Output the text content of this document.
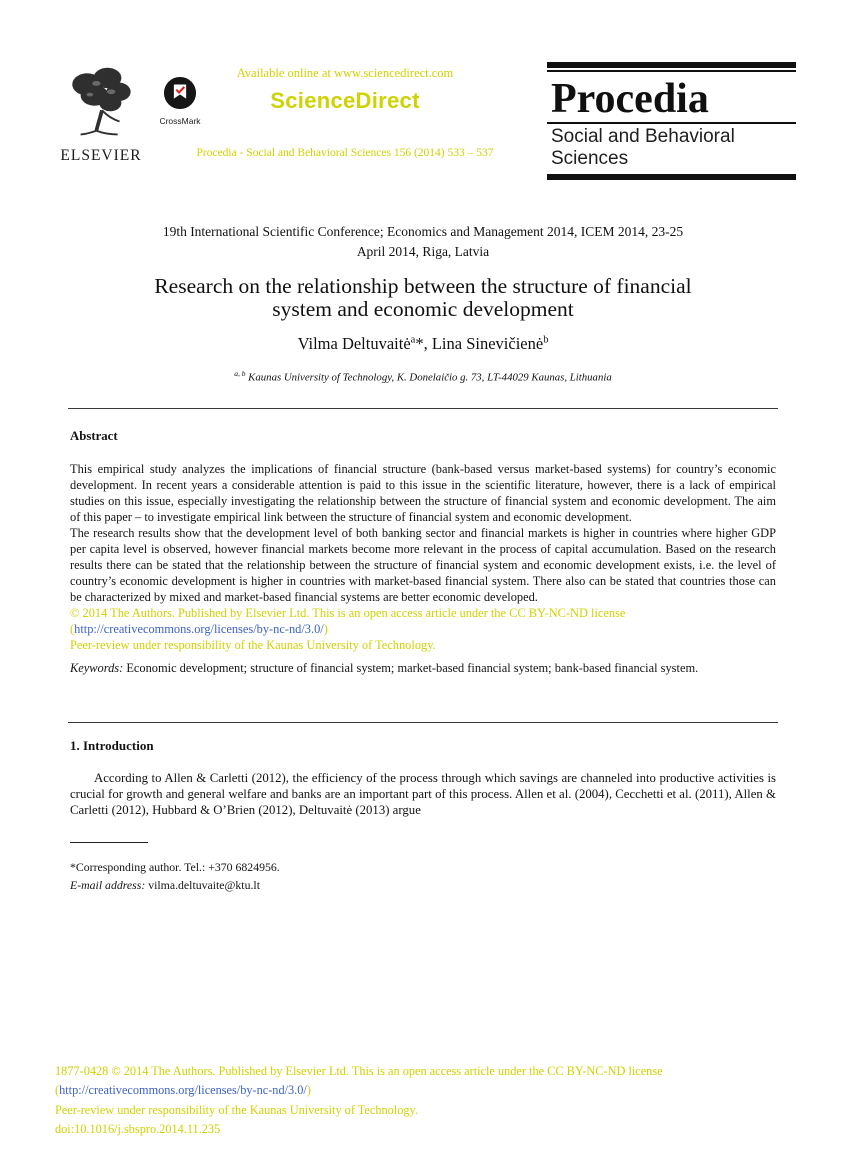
ELSEVIER
CrossMark
Available online at www.sciencedirect.com
ScienceDirect
Procedia - Social and Behavioral Sciences 156 (2014) 533 – 537
Procedia
Social and Behavioral Sciences
19th International Scientific Conference; Economics and Management 2014, ICEM 2014, 23-25
April 2014, Riga, Latvia
Research on the relationship between the structure of financial
system and economic development
Vilma Deltuvaitė$^a$*, Lina Sinevičienė$^b$
$^{a, b}$ Kaunas University of Technology, K. Donelaičio g. 73, LT-44029 Kaunas, Lithuania
Abstract
This empirical study analyzes the implications of financial structure (bank-based versus market-based systems) for country’s economic development. In recent years a considerable attention is paid to this issue in the scientific literature, however, there is a lack of empirical studies on this issue, especially investigating the relationship between the structure of financial system and economic development. The aim of this paper – to investigate empirical link between the structure of financial system and economic development.
The research results show that the development level of both banking sector and financial markets is higher in countries where higher GDP per capita level is observed, however financial markets become more relevant in the process of capital accumulation. Based on the research results there can be stated that the relationship between the structure of financial system and economic development exists, i.e. the level of country’s economic development is higher in countries with market-based financial system. There also can be stated that countries those can be characterized by mixed and market-based financial systems are better economic developed.
© 2014 The Authors. Published by Elsevier Ltd. This is an open access article under the CC BY-NC-ND license
(http://creativecommons.org/licenses/by-nc-nd/3.0/)
Peer-review under responsibility of the Kaunas University of Technology.
Keywords: Economic development; structure of financial system; market-based financial system; bank-based financial system.
1. Introduction
According to Allen & Carletti (2012), the efficiency of the process through which savings are channeled into productive activities is crucial for growth and general welfare and banks are an important part of this process. Allen et al. (2004), Cecchetti et al. (2011), Allen & Carletti (2012), Hubbard & O’Brien (2012), Deltuvaitė (2013) argue
*Corresponding author. Tel.: +370 6824956.
E-mail address: vilma.deltuvaite@ktu.lt
1877-0428 © 2014 The Authors. Published by Elsevier Ltd. This is an open access article under the CC BY-NC-ND license
(http://creativecommons.org/licenses/by-nc-nd/3.0/)
Peer-review under responsibility of the Kaunas University of Technology.
doi:10.1016/j.sbspro.2014.11.235
